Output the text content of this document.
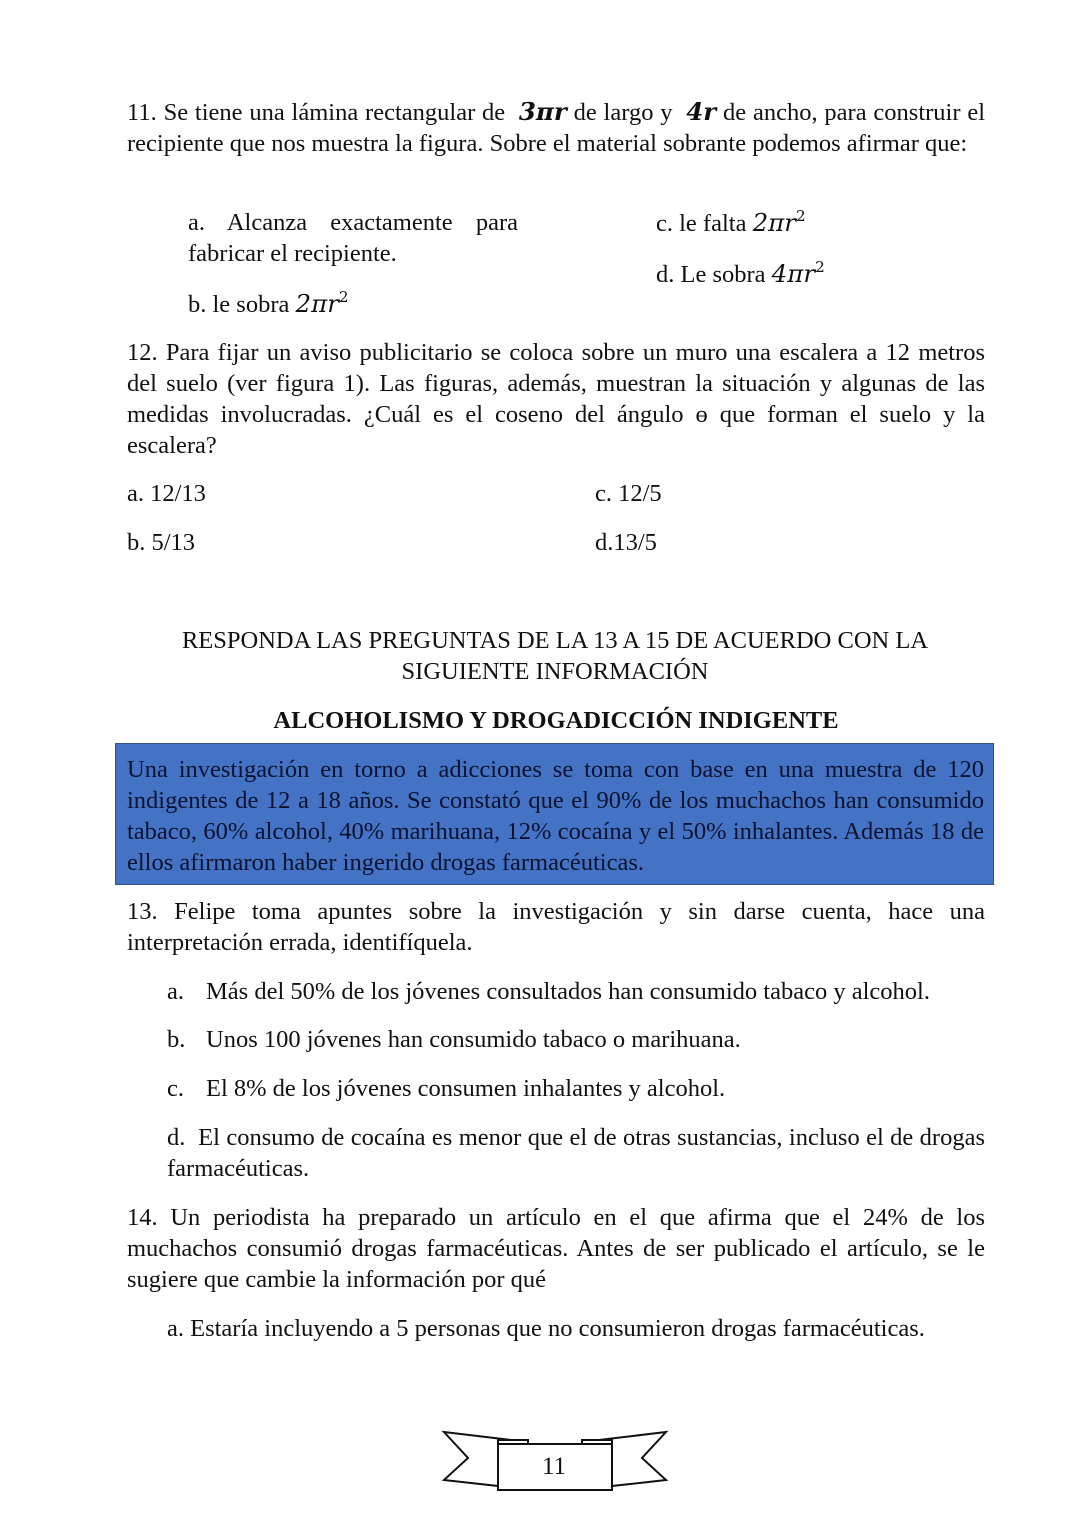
11. Se tiene una lámina rectangular de 3πr de largo y 4r de ancho, para construir el recipiente que nos muestra la figura. Sobre el material sobrante podemos afirmar que:
a. Alcanza exactamente para fabricar el recipiente.
b. le sobra $2\pi r^2$
c. le falta $2\pi r^2$
d. Le sobra $4\pi r^2$
12. Para fijar un aviso publicitario se coloca sobre un muro una escalera a 12 metros del suelo (ver figura 1). Las figuras, además, muestran la situación y algunas de las medidas involucradas. ¿Cuál es el coseno del ángulo ө que forman el suelo y la escalera?
a. 12/13
b. 5/13
c. 12/5
d.13/5
RESPONDA LAS PREGUNTAS DE LA 13 A 15 DE ACUERDO CON LA SIGUIENTE INFORMACIÓN
ALCOHOLISMO Y DROGADICCIÓN INDIGENTE
Una investigación en torno a adicciones se toma con base en una muestra de 120 indigentes de 12 a 18 años. Se constató que el 90% de los muchachos han consumido tabaco, 60% alcohol, 40% marihuana, 12% cocaína y el 50% inhalantes. Además 18 de ellos afirmaron haber ingerido drogas farmacéuticas.
13. Felipe toma apuntes sobre la investigación y sin darse cuenta, hace una interpretación errada, identifíquela.
a. Más del 50% de los jóvenes consultados han consumido tabaco y alcohol.
b. Unos 100 jóvenes han consumido tabaco o marihuana.
c. El 8% de los jóvenes consumen inhalantes y alcohol.
d. El consumo de cocaína es menor que el de otras sustancias, incluso el de drogas farmacéuticas.
14. Un periodista ha preparado un artículo en el que afirma que el 24% de los muchachos consumió drogas farmacéuticas. Antes de ser publicado el artículo, se le sugiere que cambie la información por qué
a. Estaría incluyendo a 5 personas que no consumieron drogas farmacéuticas.
11
